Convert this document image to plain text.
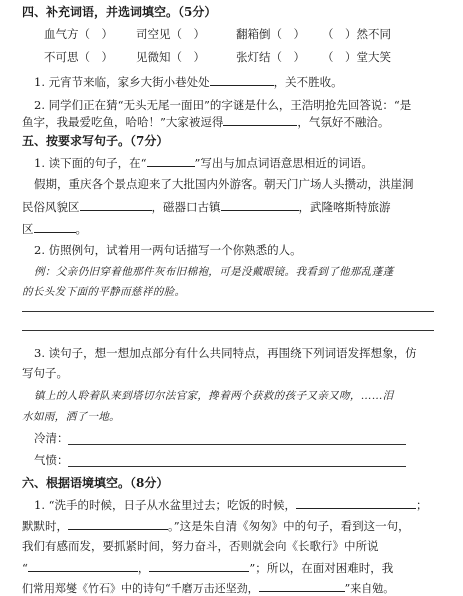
四、补充词语，并选词填空。（5分）
血气方（　） 司空见（　）	翻箱倒（　） （　）然不同
不可思（　） 见微知（　）	张灯结（　） （　）堂大笑
1. 元宵节来临，家乡大街小巷处处	，关不胜收。
2. 同学们正在猜“无头无尾一面田”的字谜是什么，王浩明抢先回答说：“是
鱼字，我最爱吃鱼，哈哈！”大家被逗得	，气氛好不融洽。
五、按要求写句子。（7分）
1. 读下面的句子，在“	”写出与加点词语意思相近的词语。
假期，重庆各个景点迎来了大批国内外游客。朝天门广场人头攒动，洪崖洞
民俗风貌区	，磁器口古镇	，武隆喀斯特旅游
区	。
2. 仿照例句，试着用一两句话描写一个你熟悉的人。
例：父亲仍旧穿着他那件灰布旧棉袍，可是没戴眼镜。我看到了他那乱蓬蓬
的长头发下面的平静而慈祥的脸。
3. 读句子，想一想加点部分有什么共同特点，再围绕下列词语发挥想象，仿
写句子。
镇上的人聆着队来到塔切尔法官家，搀着两个获救的孩子又亲又吻，……泪
水如雨，洒了一地。
冷清：
气愤：
六、根据语境填空。（8分）
1. “洗手的时候，日子从水盆里过去；吃饭的时候，	；
默默时，	。”这是朱自清《匆匆》中的句子，看到这一句，
我们有感而发，要抓紧时间，努力奋斗，否则就会向《长歌行》中所说
“	，	”；所以，在面对困难时，我
们常用郑燮《竹石》中的诗句“千磨万击还坚劲，	”来自勉。
